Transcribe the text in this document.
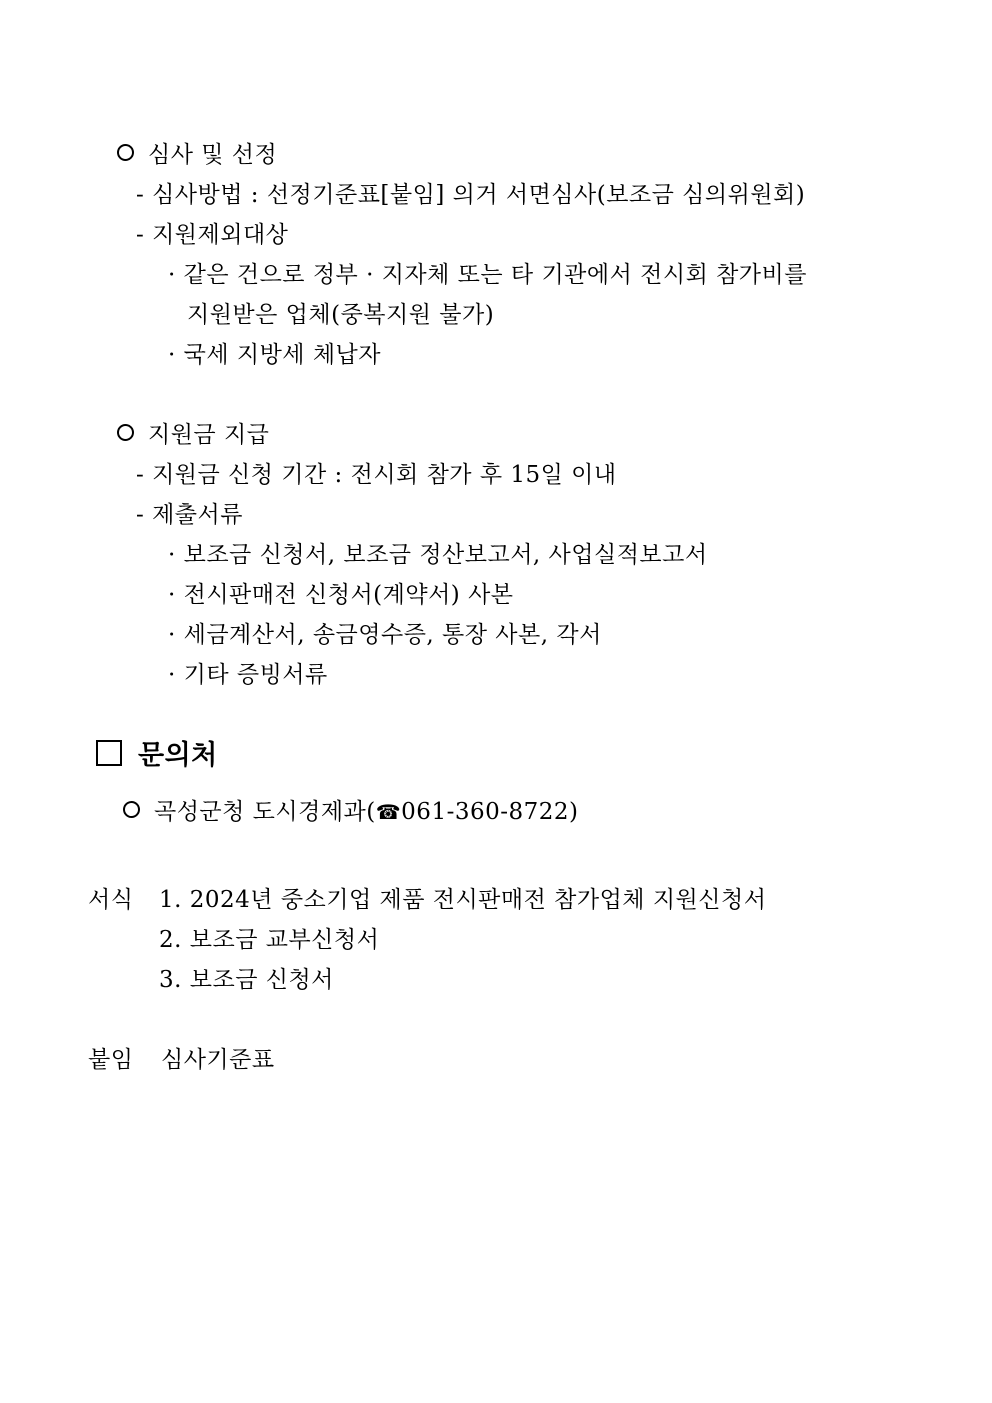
심사 및 선정
- 심사방법 : 선정기준표[붙임] 의거 서면심사(보조금 심의위원회)
- 지원제외대상
· 같은 건으로 정부 · 지자체 또는 타 기관에서 전시회 참가비를
지원받은 업체(중복지원 불가)
· 국세 지방세 체납자
지원금 지급
- 지원금 신청 기간 : 전시회 참가 후 15일 이내
- 제출서류
· 보조금 신청서, 보조금 정산보고서, 사업실적보고서
· 전시판매전 신청서(계약서) 사본
· 세금계산서, 송금영수증, 통장 사본, 각서
· 기타 증빙서류
문의처
곡성군청 도시경제과(☎061-360-8722)
서식 1. 2024년 중소기업 제품 전시판매전 참가업체 지원신청서
2. 보조금 교부신청서
3. 보조금 신청서
붙임 심사기준표
